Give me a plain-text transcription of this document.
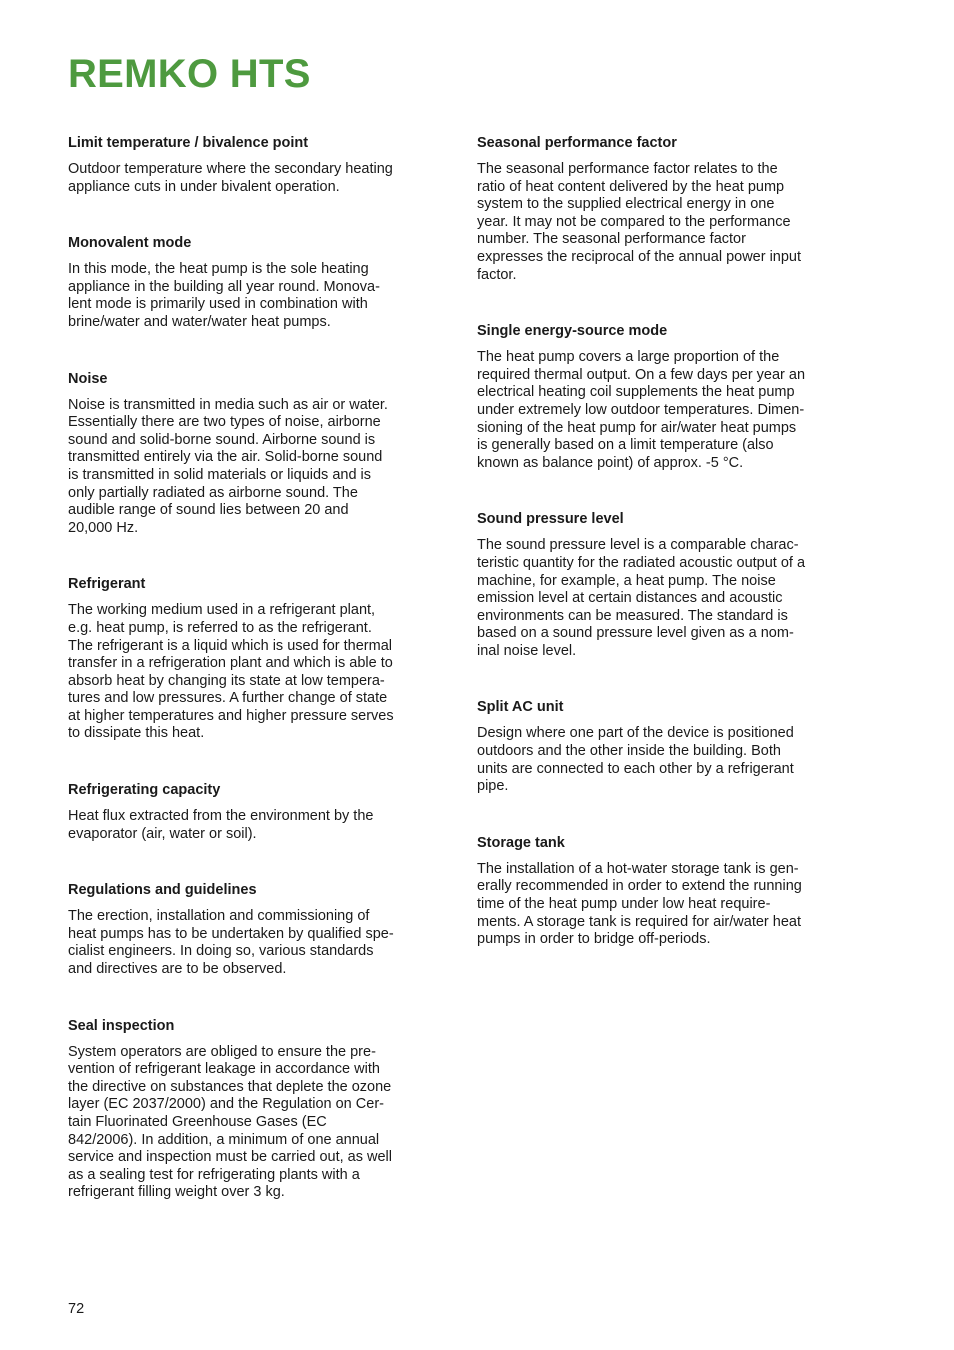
REMKO HTS
Limit temperature / bivalence point

Outdoor temperature where the secondary heating
appliance cuts in under bivalent operation.

Monovalent mode

In this mode, the heat pump is the sole heating
appliance in the building all year round. Monova-
lent mode is primarily used in combination with
brine/water and water/water heat pumps.

Noise

Noise is transmitted in media such as air or water.
Essentially there are two types of noise, airborne
sound and solid-borne sound. Airborne sound is
transmitted entirely via the air. Solid-borne sound
is transmitted in solid materials or liquids and is
only partially radiated as airborne sound. The
audible range of sound lies between 20 and
20,000 Hz.

Refrigerant

The working medium used in a refrigerant plant,
e.g. heat pump, is referred to as the refrigerant.
The refrigerant is a liquid which is used for thermal
transfer in a refrigeration plant and which is able to
absorb heat by changing its state at low tempera-
tures and low pressures. A further change of state
at higher temperatures and higher pressure serves
to dissipate this heat.

Refrigerating capacity

Heat flux extracted from the environment by the
evaporator (air, water or soil).

Regulations and guidelines

The erection, installation and commissioning of
heat pumps has to be undertaken by qualified spe-
cialist engineers. In doing so, various standards
and directives are to be observed.

Seal inspection

System operators are obliged to ensure the pre-
vention of refrigerant leakage in accordance with
the directive on substances that deplete the ozone
layer (EC 2037/2000) and the Regulation on Cer-
tain Fluorinated Greenhouse Gases (EC
842/2006). In addition, a minimum of one annual
service and inspection must be carried out, as well
as a sealing test for refrigerating plants with a
refrigerant filling weight over 3 kg.

Seasonal performance factor

The seasonal performance factor relates to the
ratio of heat content delivered by the heat pump
system to the supplied electrical energy in one
year. It may not be compared to the performance
number. The seasonal performance factor
expresses the reciprocal of the annual power input
factor.

Single energy-source mode

The heat pump covers a large proportion of the
required thermal output. On a few days per year an
electrical heating coil supplements the heat pump
under extremely low outdoor temperatures. Dimen-
sioning of the heat pump for air/water heat pumps
is generally based on a limit temperature (also
known as balance point) of approx. -5 °C.

Sound pressure level

The sound pressure level is a comparable charac-
teristic quantity for the radiated acoustic output of a
machine, for example, a heat pump. The noise
emission level at certain distances and acoustic
environments can be measured. The standard is
based on a sound pressure level given as a nom-
inal noise level.

Split AC unit

Design where one part of the device is positioned
outdoors and the other inside the building. Both
units are connected to each other by a refrigerant
pipe.

Storage tank

The installation of a hot-water storage tank is gen-
erally recommended in order to extend the running
time of the heat pump under low heat require-
ments. A storage tank is required for air/water heat
pumps in order to bridge off-periods.

72
